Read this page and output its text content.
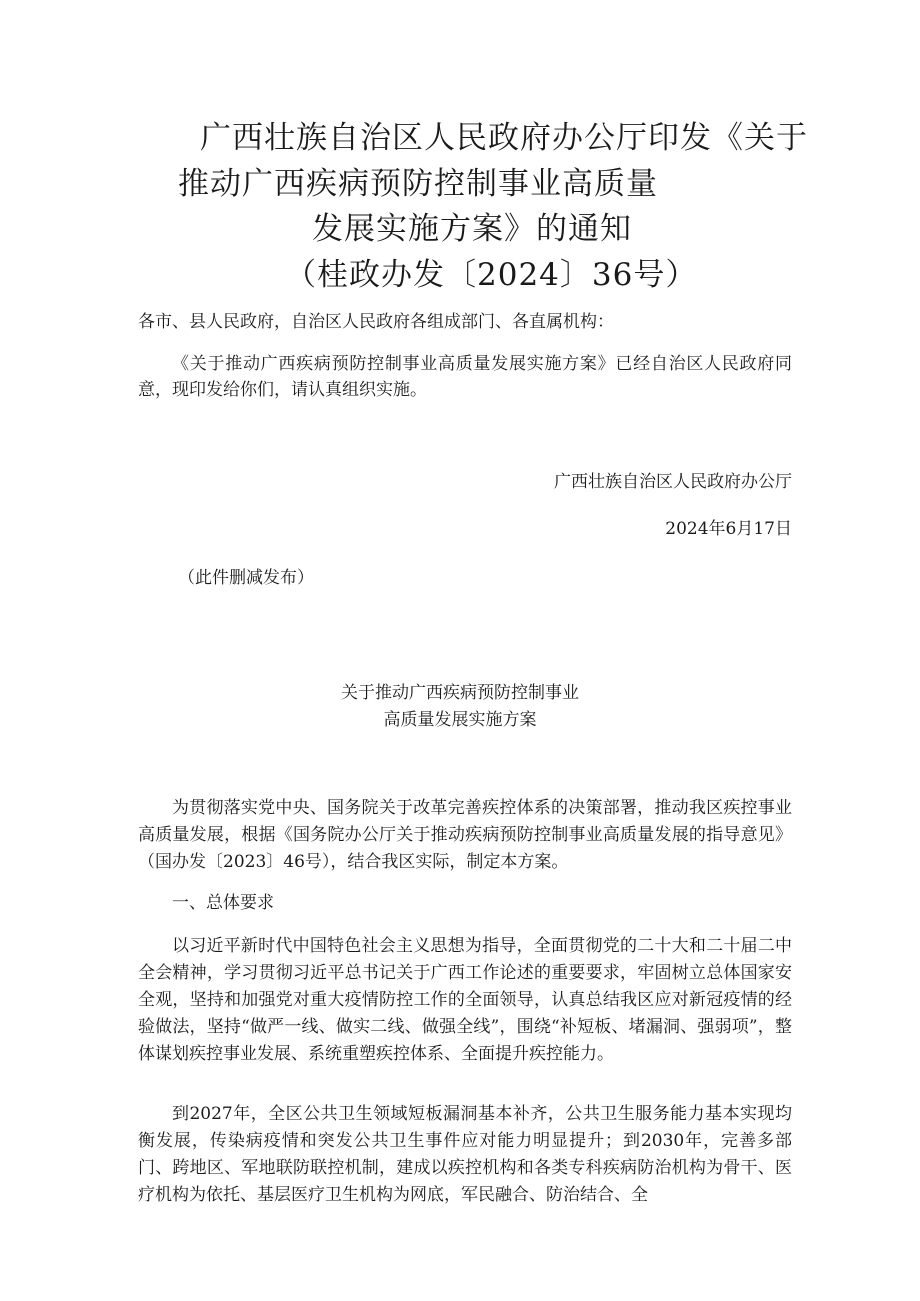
广西壮族自治区人民政府办公厅印发《关于
推动广西疾病预防控制事业高质量
发展实施方案》的通知
（桂政办发〔2024〕36号）
各市、县人民政府，自治区人民政府各组成部门、各直属机构：
《关于推动广西疾病预防控制事业高质量发展实施方案》已经自治区人民政府同意，现印发给你们，请认真组织实施。
广西壮族自治区人民政府办公厅
2024年6月17日
（此件删减发布）
关于推动广西疾病预防控制事业
高质量发展实施方案
为贯彻落实党中央、国务院关于改革完善疾控体系的决策部署，推动我区疾控事业高质量发展，根据《国务院办公厅关于推动疾病预防控制事业高质量发展的指导意见》（国办发〔2023〕46号），结合我区实际，制定本方案。
一、总体要求
以习近平新时代中国特色社会主义思想为指导，全面贯彻党的二十大和二十届二中全会精神，学习贯彻习近平总书记关于广西工作论述的重要要求，牢固树立总体国家安全观，坚持和加强党对重大疫情防控工作的全面领导，认真总结我区应对新冠疫情的经验做法，坚持“做严一线、做实二线、做强全线”，围绕“补短板、堵漏洞、强弱项”，整体谋划疾控事业发展、系统重塑疾控体系、全面提升疾控能力。
到2027年，全区公共卫生领域短板漏洞基本补齐，公共卫生服务能力基本实现均衡发展，传染病疫情和突发公共卫生事件应对能力明显提升；到2030年，完善多部门、跨地区、军地联防联控机制，建成以疾控机构和各类专科疾病防治机构为骨干、医疗机构为依托、基层医疗卫生机构为网底，军民融合、防治结合、全
